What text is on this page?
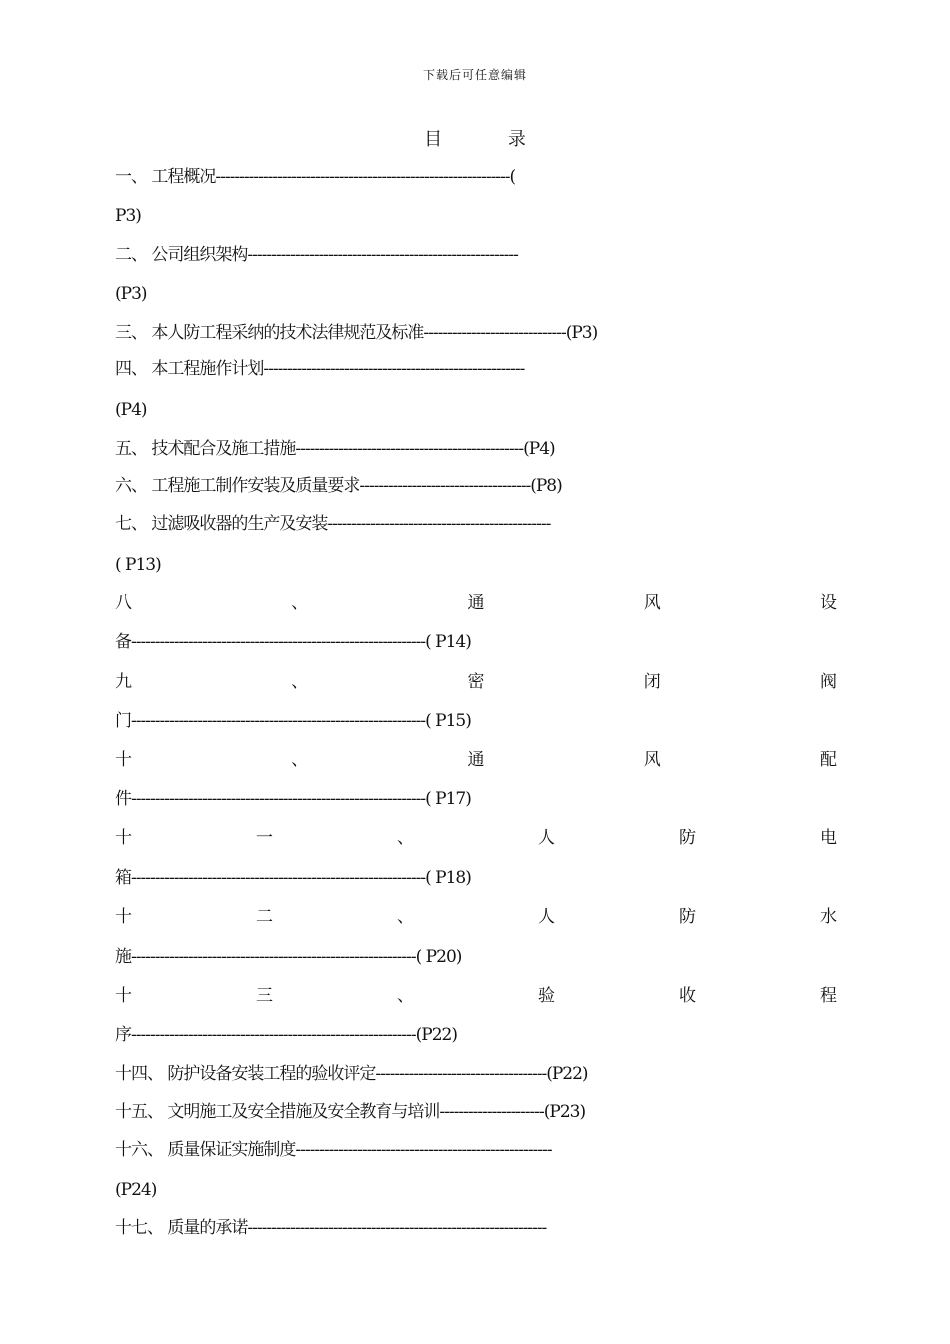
下载后可任意编辑
目 录
一、 工程概况--------------------------------------------------------------(
P3)
二、 公司组织架构---------------------------------------------------------
(P3)
三、 本人防工程采纳的技术法律规范及标准------------------------------(P3)
四、 本工程施作计划-------------------------------------------------------
(P4)
五、 技术配合及施工措施------------------------------------------------(P4)
六、 工程施工制作安装及质量要求------------------------------------(P8)
七、 过滤吸收器的生产及安装-----------------------------------------------
( P13)
八	、	通	风	设
备--------------------------------------------------------------( P14)
九	、	密	闭	阀
门--------------------------------------------------------------( P15)
十	、	通	风	配
件--------------------------------------------------------------( P17)
十	一	、	人	防	电
箱--------------------------------------------------------------( P18)
十	二	、	人	防	水
施------------------------------------------------------------( P20)
十	三	、	验	收	程
序------------------------------------------------------------(P22)
十四、 防护设备安装工程的验收评定------------------------------------(P22)
十五、 文明施工及安全措施及安全教育与培训----------------------(P23)
十六、 质量保证实施制度------------------------------------------------------
(P24)
十七、 质量的承诺---------------------------------------------------------------
